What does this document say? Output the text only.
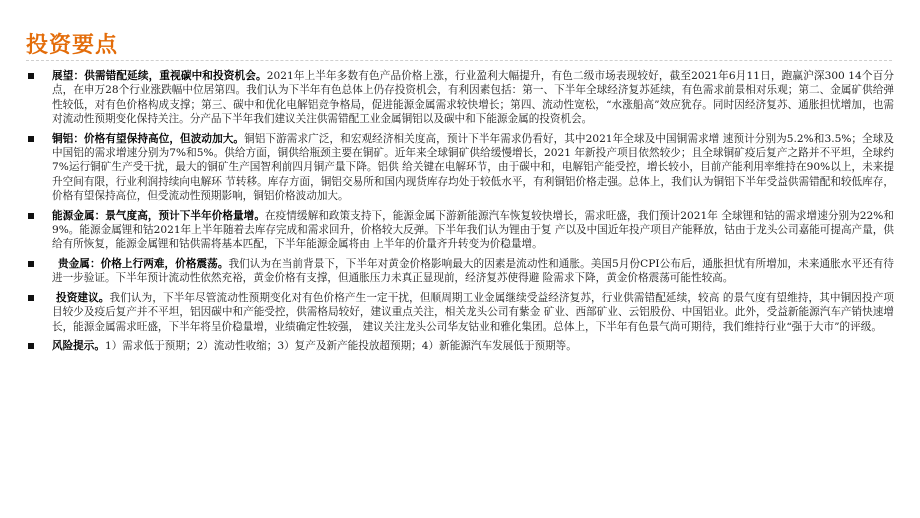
投资要点

展望：供需错配延续，重视碳中和投资机会。2021年上半年多数有色产品价格上涨，行业盈利大幅提升，有色二级市场表现较好，截至2021年6月11日，跑赢沪深300 14个百分点，在申万28个行业涨跌幅中位居第四。我们认为下半年有色总体上仍存投资机会，有利因素包括：第一、下半年全球经济复苏延续，有色需求前景相对乐观；第二、金属矿供给弹性较低，对有色价格构成支撑；第三、碳中和优化电解铝竞争格局，促进能源金属需求较快增长；第四、流动性宽松，“水涨船高”效应犹存。同时因经济复苏、通胀担忧增加，也需对流动性预期变化保持关注。分产品下半年我们建议关注供需错配工业金属铜铝以及碳中和下能源金属的投资机会。

铜铝：价格有望保持高位，但波动加大。铜铝下游需求广泛，和宏观经济相关度高，预计下半年需求仍看好，其中2021年全球及中国铜需求增 速预计分别为5.2%和3.5%；全球及中国铝的需求增速分别为7%和5%。供给方面，铜供给瓶颈主要在铜矿。近年来全球铜矿供给缓慢增长，2021 年新投产项目依然较少；且全球铜矿疫后复产之路并不平坦，全球约7%运行铜矿生产受干扰，最大的铜矿生产国智利前四月铜产量下降。铝供 给关键在电解环节，由于碳中和，电解铝产能受控，增长较小，目前产能利用率维持在90%以上，未来提升空间有限，行业利润持续向电解环 节转移。库存方面，铜铝交易所和国内现货库存均处于较低水平，有利铜铝价格走强。总体上，我们认为铜铝下半年受益供需错配和较低库存， 价格有望保持高位，但受流动性预期影响，铜铝价格波动加大。

能源金属：景气度高，预计下半年价格量增。在疫情缓解和政策支持下，能源金属下游新能源汽车恢复较快增长，需求旺盛，我们预计2021年 全球锂和钴的需求增速分别为22%和9%。能源金属锂和钴2021年上半年随着去库存完成和需求回升，价格较大反弹。下半年我们认为锂由于复 产以及中国近年投产项目产能释放，钴由于龙头公司嘉能可提高产量，供给有所恢复，能源金属锂和钴供需将基本匹配，下半年能源金属将由 上半年的价量齐升转变为价稳量增。

贵金属：价格上行两难，价格震荡。我们认为在当前背景下，下半年对黄金价格影响最大的因素是流动性和通胀。美国5月份CPI公布后，通胀担忧有所增加，未来通胀水平还有待进一步验证。下半年预计流动性依然充裕，黄金价格有支撑，但通胀压力未真正显现前，经济复苏使得避 险需求下降，黄金价格震荡可能性较高。

投资建议。我们认为，下半年尽管流动性预期变化对有色价格产生一定干扰，但顺周期工业金属继续受益经济复苏，行业供需错配延续，较高 的景气度有望维持，其中铜因投产项目较少及疫后复产并不平坦，铝因碳中和产能受控，供需格局较好，建议重点关注，相关龙头公司有紫金 矿业、西部矿业、云铝股份、中国铝业。此外，受益新能源汽车产销快速增长，能源金属需求旺盛，下半年将呈价稳量增，业绩确定性较强， 建议关注龙头公司华友钴业和雅化集团。总体上，下半年有色景气尚可期待，我们维持行业“强于大市”的评级。

风险提示。1）需求低于预期；2）流动性收缩；3）复产及新产能投放超预期；4）新能源汽车发展低于预期等。
